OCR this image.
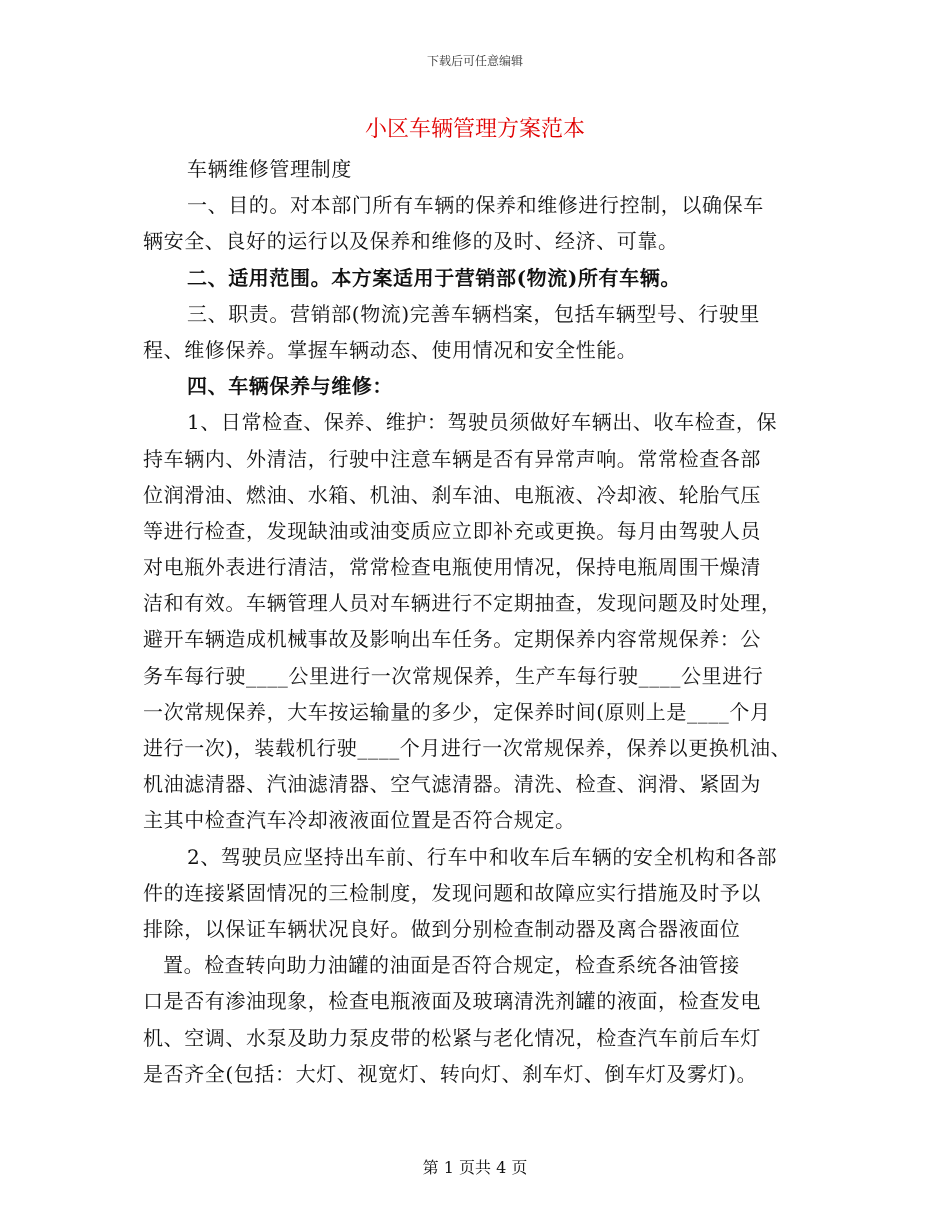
下载后可任意编辑
小区车辆管理方案范本
车辆维修管理制度
一、目的。对本部门所有车辆的保养和维修进行控制，以确保车
辆安全、良好的运行以及保养和维修的及时、经济、可靠。
二、适用范围。本方案适用于营销部(物流)所有车辆。
三、职责。营销部(物流)完善车辆档案，包括车辆型号、行驶里
程、维修保养。掌握车辆动态、使用情况和安全性能。
四、车辆保养与维修：
1、日常检查、保养、维护：驾驶员须做好车辆出、收车检查，保
持车辆内、外清洁，行驶中注意车辆是否有异常声响。常常检查各部
位润滑油、燃油、水箱、机油、刹车油、电瓶液、冷却液、轮胎气压
等进行检查，发现缺油或油变质应立即补充或更换。每月由驾驶人员
对电瓶外表进行清洁，常常检查电瓶使用情况，保持电瓶周围干燥清
洁和有效。车辆管理人员对车辆进行不定期抽查，发现问题及时处理，
避开车辆造成机械事故及影响出车任务。定期保养内容常规保养：公
务车每行驶____公里进行一次常规保养，生产车每行驶____公里进行
一次常规保养，大车按运输量的多少，定保养时间(原则上是____个月
进行一次)，装载机行驶____个月进行一次常规保养，保养以更换机油、
机油滤清器、汽油滤清器、空气滤清器。清洗、检查、润滑、紧固为
主其中检查汽车冷却液液面位置是否符合规定。
2、驾驶员应坚持出车前、行车中和收车后车辆的安全机构和各部
件的连接紧固情况的三检制度，发现问题和故障应实行措施及时予以
排除，以保证车辆状况良好。做到分别检查制动器及离合器液面位
置。检查转向助力油罐的油面是否符合规定，检查系统各油管接
口是否有渗油现象，检查电瓶液面及玻璃清洗剂罐的液面，检查发电
机、空调、水泵及助力泵皮带的松紧与老化情况，检查汽车前后车灯
是否齐全(包括：大灯、视宽灯、转向灯、刹车灯、倒车灯及雾灯)。
第 1 页共 4 页
